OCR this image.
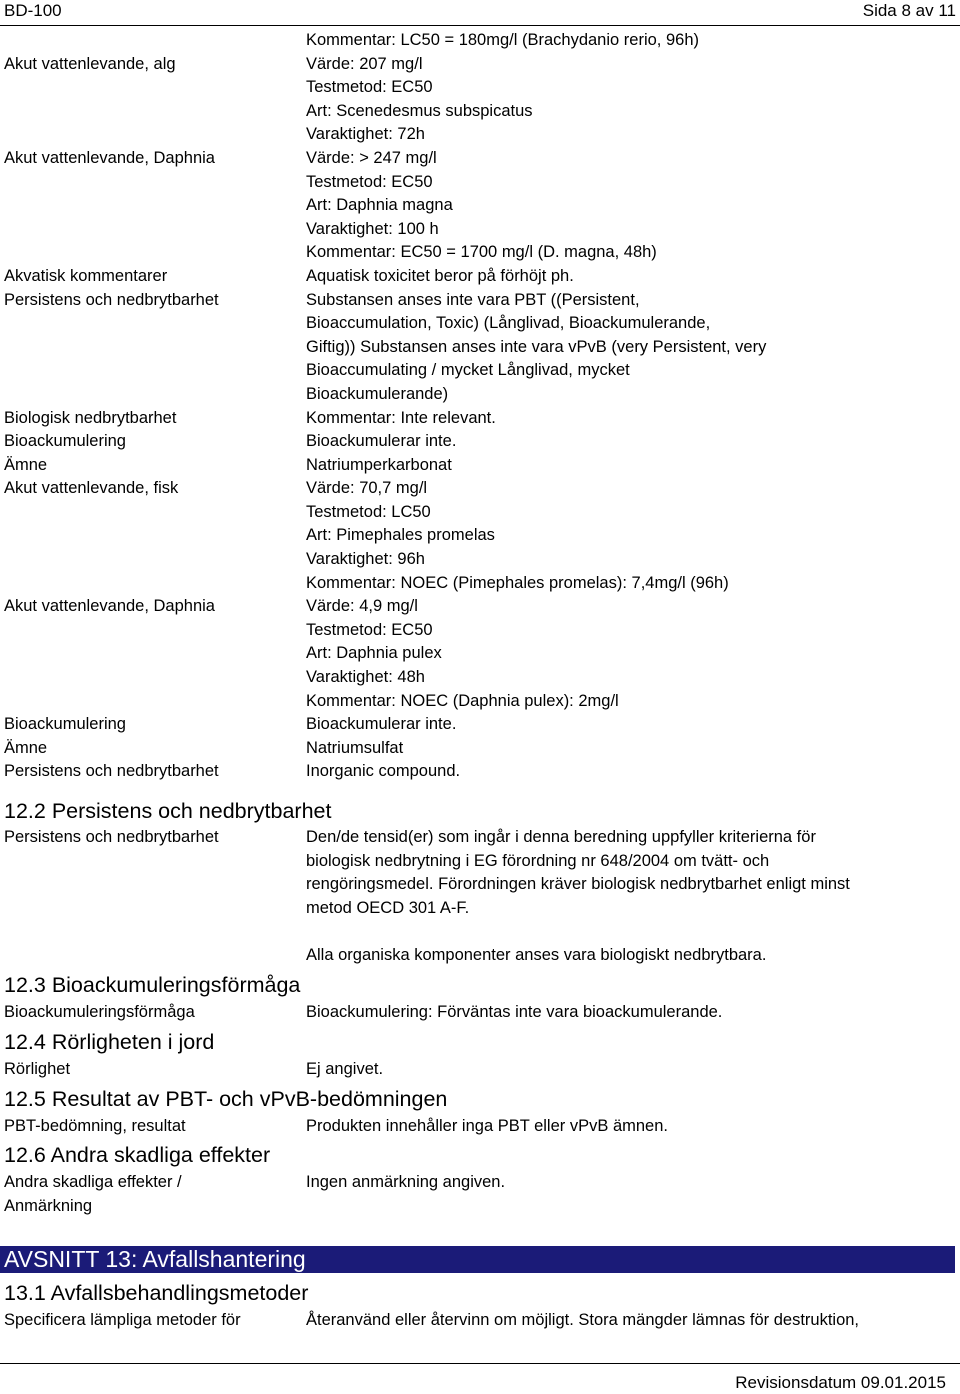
BD-100	Sida 8 av 11
Kommentar: LC50 = 180mg/l (Brachydanio rerio, 96h)
Akut vattenlevande, alg	Värde: 207 mg/l
Testmetod: EC50
Art: Scenedesmus subspicatus
Varaktighet: 72h
Akut vattenlevande, Daphnia	Värde: > 247 mg/l
Testmetod: EC50
Art: Daphnia magna
Varaktighet: 100 h
Kommentar: EC50 = 1700 mg/l (D. magna, 48h)
Akvatisk kommentarer	Aquatisk toxicitet beror på förhöjt ph.
Persistens och nedbrytbarhet	Substansen anses inte vara PBT ((Persistent,
Bioaccumulation, Toxic) (Långlivad, Bioackumulerande,
Giftig)) Substansen anses inte vara vPvB (very Persistent, very
Bioaccumulating / mycket Långlivad, mycket
Bioackumulerande)
Biologisk nedbrytbarhet	Kommentar: Inte relevant.
Bioackumulering	Bioackumulerar inte.
Ämne	Natriumperkarbonat
Akut vattenlevande, fisk	Värde: 70,7 mg/l
Testmetod: LC50
Art: Pimephales promelas
Varaktighet: 96h
Kommentar: NOEC (Pimephales promelas): 7,4mg/l (96h)
Akut vattenlevande, Daphnia	Värde: 4,9 mg/l
Testmetod: EC50
Art: Daphnia pulex
Varaktighet: 48h
Kommentar: NOEC (Daphnia pulex): 2mg/l
Bioackumulering	Bioackumulerar inte.
Ämne	Natriumsulfat
Persistens och nedbrytbarhet	Inorganic compound.
12.2 Persistens och nedbrytbarhet
Persistens och nedbrytbarhet	Den/de tensid(er) som ingår i denna beredning uppfyller kriterierna för
biologisk nedbrytning i EG förordning nr 648/2004 om tvätt- och
rengöringsmedel. Förordningen kräver biologisk nedbrytbarhet enligt minst
metod OECD 301 A-F.
Alla organiska komponenter anses vara biologiskt nedbrytbara.
12.3 Bioackumuleringsförmåga
Bioackumuleringsförmåga	Bioackumulering: Förväntas inte vara bioackumulerande.
12.4 Rörligheten i jord
Rörlighet	Ej angivet.
12.5 Resultat av PBT- och vPvB-bedömningen
PBT-bedömning, resultat	Produkten innehåller inga PBT eller vPvB ämnen.
12.6 Andra skadliga effekter
Andra skadliga effekter /
Anmärkning
Ingen anmärkning angiven.
AVSNITT 13: Avfallshantering
13.1 Avfallsbehandlingsmetoder
Specificera lämpliga metoder för	Återanvänd eller återvinn om möjligt. Stora mängder lämnas för destruktion,
Revisionsdatum 09.01.2015
